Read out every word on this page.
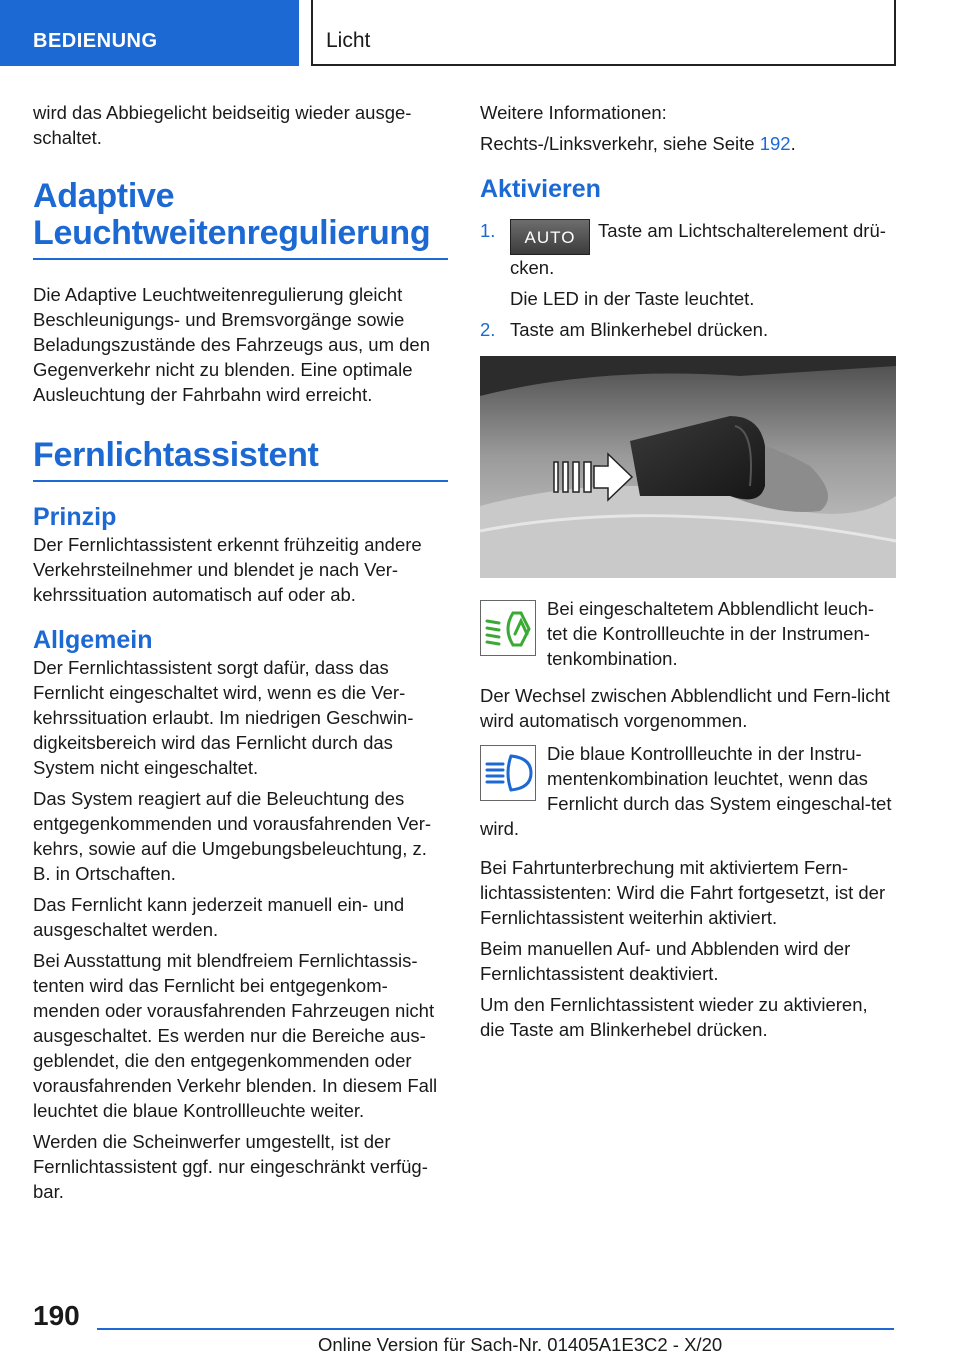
BEDIENUNG	Licht

wird das Abbiegelicht beidseitig wieder ausge‐schaltet.

Adaptive
Leuchtweitenregulierung

Die Adaptive Leuchtweitenregulierung gleicht Beschleunigungs- und Bremsvorgänge sowie Beladungszustände des Fahrzeugs aus, um den Gegenverkehr nicht zu blenden. Eine optimale Ausleuchtung der Fahrbahn wird erreicht.

Fernlichtassistent
Prinzip

Der Fernlichtassistent erkennt frühzeitig andere Verkehrsteilnehmer und blendet je nach Ver‐kehrssituation automatisch auf oder ab.

Allgemein

Der Fernlichtassistent sorgt dafür, dass das Fernlicht eingeschaltet wird, wenn es die Ver‐kehrssituation erlaubt. Im niedrigen Geschwin‐digkeitsbereich wird das Fernlicht durch das System nicht eingeschaltet.

Das System reagiert auf die Beleuchtung des entgegenkommenden und vorausfahrenden Ver‐kehrs, sowie auf die Umgebungsbeleuchtung, z. B. in Ortschaften.

Das Fernlicht kann jederzeit manuell ein- und ausgeschaltet werden.

Bei Ausstattung mit blendfreiem Fernlichtassis‐tenten wird das Fernlicht bei entgegenkom‐menden oder vorausfahrenden Fahrzeugen nicht ausgeschaltet. Es werden nur die Bereiche aus‐geblendet, die den entgegenkommenden oder vorausfahrenden Verkehr blenden. In diesem Fall leuchtet die blaue Kontrollleuchte weiter.

Werden die Scheinwerfer umgestellt, ist der Fernlichtassistent ggf. nur eingeschränkt verfüg‐bar.

Weitere Informationen:

Rechts-/Linksverkehr, siehe Seite 192.

Aktivieren
1.	AUTO Taste am Lichtschalterelement drü‐cken.

Die LED in der Taste leuchtet.

2. Taste am Blinkerhebel drücken.

Bei eingeschaltetem Abblendlicht leuch‐tet die Kontrollleuchte in der Instrumen‐tenkombination.

Der Wechsel zwischen Abblendlicht und Fern‐licht wird automatisch vorgenommen.

Die blaue Kontrollleuchte in der Instru‐mentenkombination leuchtet, wenn das Fernlicht durch das System eingeschal‐tet wird.

Bei Fahrtunterbrechung mit aktiviertem Fern‐lichtassistenten: Wird die Fahrt fortgesetzt, ist der Fernlichtassistent weiterhin aktiviert.

Beim manuellen Auf- und Abblenden wird der Fernlichtassistent deaktiviert.

Um den Fernlichtassistent wieder zu aktivieren, die Taste am Blinkerhebel drücken.

190
Online Version für Sach-Nr. 01405A1E3C2 - X/20
